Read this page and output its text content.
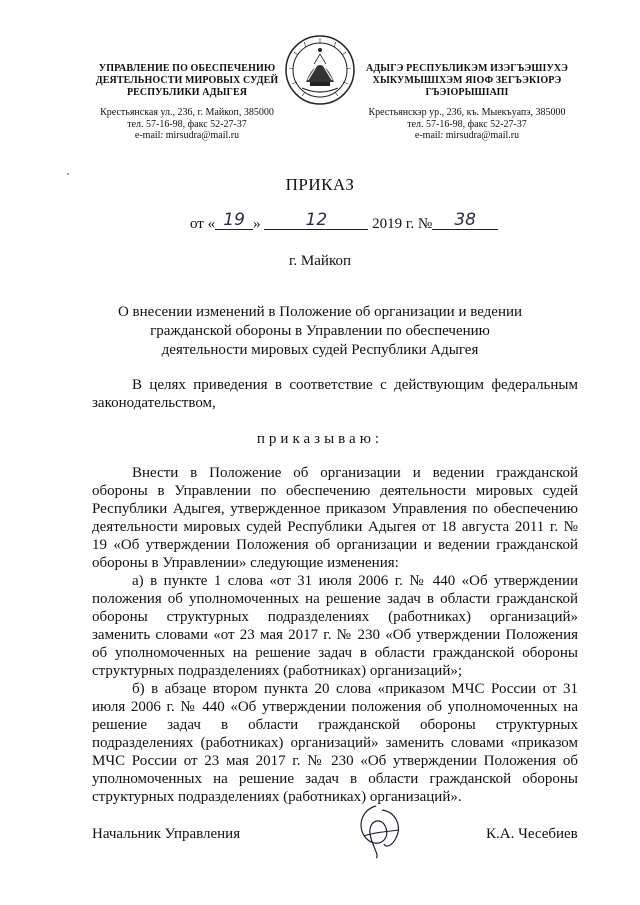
УПРАВЛЕНИЕ ПО ОБЕСПЕЧЕНИЮ
ДЕЯТЕЛЬНОСТИ МИРОВЫХ СУДЕЙ
РЕСПУБЛИКИ АДЫГЕЯ
Крестьянская ул., 236, г. Майкоп, 385000
тел. 57-16-98, факс 52-27-37
e-mail: mirsudra@mail.ru
АДЫГЭ РЕСПУБЛИКЭМ ИЗЭГЪЭШІУХЭ
ХЫКУМЫШІХЭМ ЯІОФ ЗЕГЪЭКІОРЭ
ГЪЭІОРЫШІАПІ
Крестьянскэр ур., 236, къ. Мыекъуапэ, 385000
тел. 57-16-98, факс 52-27-37
e-mail: mirsudra@mail.ru
ПРИКАЗ
от « 19 »	12	2019 г. № 38
г. Майкоп
О внесении изменений в Положение об организации и ведении гражданской обороны в Управлении по обеспечению деятельности мировых судей Республики Адыгея

В целях приведения в соответствие с действующим федеральным законодательством,

приказываю:

Внести в Положение об организации и ведении гражданской обороны в Управлении по обеспечению деятельности мировых судей Республики Адыгея, утвержденное приказом Управления по обеспечению деятельности мировых судей Республики Адыгея от 18 августа 2011 г. № 19 «Об утверждении Положения об организации и ведении гражданской обороны в Управлении» следующие изменения:

а) в пункте 1 слова «от 31 июля 2006 г. № 440 «Об утверждении положения об уполномоченных на решение задач в области гражданской обороны структурных подразделениях (работниках) организаций» заменить словами «от 23 мая 2017 г. № 230 «Об утверждении Положения об уполномоченных на решение задач в области гражданской обороны структурных подразделениях (работниках) организаций»;

б) в абзаце втором пункта 20 слова «приказом МЧС России от 31 июля 2006 г. № 440 «Об утверждении положения об уполномоченных на решение задач в области гражданской обороны структурных подразделениях (работниках) организаций» заменить словами «приказом МЧС России от 23 мая 2017 г. № 230 «Об утверждении Положения об уполномоченных на решение задач в области гражданской обороны структурных подразделениях (работниках) организаций».

Начальник Управления	К.А. Чесебиев
